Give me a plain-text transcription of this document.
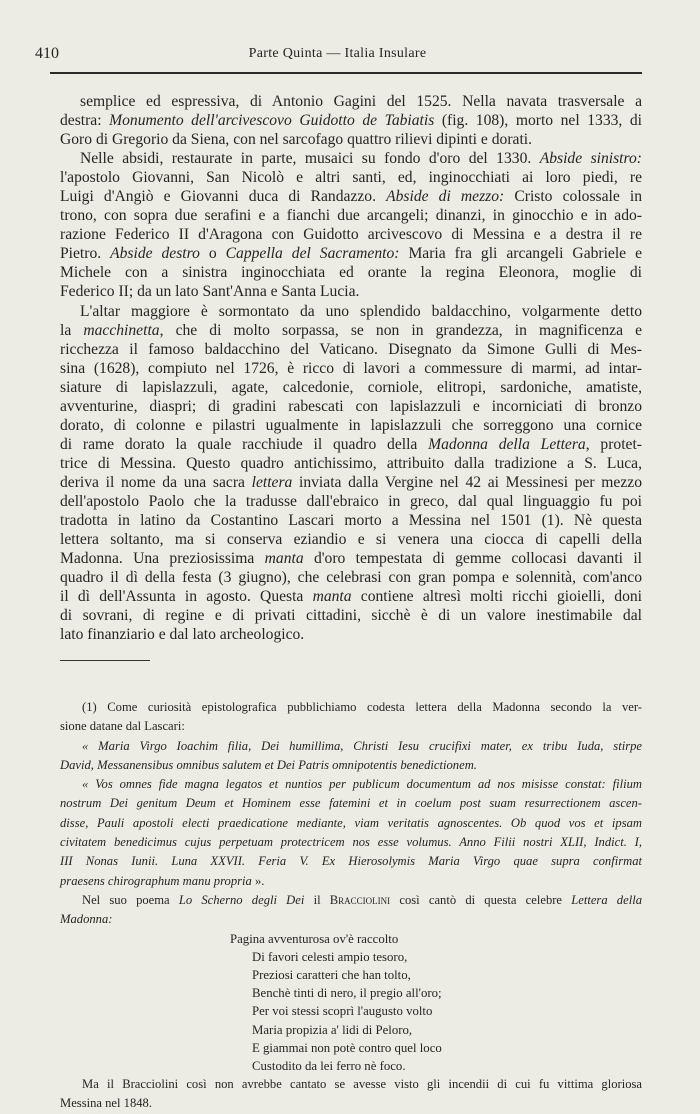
410	Parte Quinta — Italia Insulare
semplice ed espressiva, di Antonio Gagini del 1525. Nella navata trasversale a
destra: Monumento dell'arcivescovo Guidotto de Tabiatis (fig. 108), morto nel 1333, di
Goro di Gregorio da Siena, con nel sarcofago quattro rilievi dipinti e dorati.
Nelle absidi, restaurate in parte, musaici su fondo d'oro del 1330. Abside sinistro:
l'apostolo Giovanni, San Nicolò e altri santi, ed, inginocchiati ai loro piedi, re
Luigi d'Angiò e Giovanni duca di Randazzo. Abside di mezzo: Cristo colossale in
trono, con sopra due serafini e a fianchi due arcangeli; dinanzi, in ginocchio e in ado-
razione Federico II d'Aragona con Guidotto arcivescovo di Messina e a destra il re
Pietro. Abside destro o Cappella del Sacramento: Maria fra gli arcangeli Gabriele e
Michele con a sinistra inginocchiata ed orante la regina Eleonora, moglie di
Federico II; da un lato Sant'Anna e Santa Lucia.
L'altar maggiore è sormontato da uno splendido baldacchino, volgarmente detto
la macchinetta, che di molto sorpassa, se non in grandezza, in magnificenza e
ricchezza il famoso baldacchino del Vaticano. Disegnato da Simone Gulli di Mes-
sina (1628), compiuto nel 1726, è ricco di lavori a commessure di marmi, ad intar-
siature di lapislazzuli, agate, calcedonie, corniole, elitropi, sardoniche, amatiste,
avventurine, diaspri; di gradini rabescati con lapislazzuli e incorniciati di bronzo
dorato, di colonne e pilastri ugualmente in lapislazzuli che sorreggono una cornice
di rame dorato la quale racchiude il quadro della Madonna della Lettera, protet-
trice di Messina. Questo quadro antichissimo, attribuito dalla tradizione a S. Luca,
deriva il nome da una sacra lettera inviata dalla Vergine nel 42 ai Messinesi per mezzo
dell'apostolo Paolo che la tradusse dall'ebraico in greco, dal qual linguaggio fu poi
tradotta in latino da Costantino Lascari morto a Messina nel 1501 (1). Nè questa
lettera soltanto, ma si conserva eziandio e si venera una ciocca di capelli della
Madonna. Una preziosissima manta d'oro tempestata di gemme collocasi davanti il
quadro il dì della festa (3 giugno), che celebrasi con gran pompa e solennità, com'anco
il dì dell'Assunta in agosto. Questa manta contiene altresì molti ricchi gioielli, doni
di sovrani, di regine e di privati cittadini, sicchè è di un valore inestimabile dal
lato finanziario e dal lato archeologico.
(1) Come curiosità epistolografica pubblichiamo codesta lettera della Madonna secondo la ver-
sione datane dal Lascari:
« Maria Virgo Ioachim filia, Dei humillima, Christi Iesu crucifixi mater, ex tribu Iuda, stirpe
David, Messanensibus omnibus salutem et Dei Patris omnipotentis benedictionem.
« Vos omnes fide magna legatos et nuntios per publicum documentum ad nos misisse constat: filium
nostrum Dei genitum Deum et Hominem esse fatemini et in coelum post suam resurrectionem ascen-
disse, Pauli apostoli electi praedicatione mediante, viam veritatis agnoscentes. Ob quod vos et ipsam
civitatem benedicimus cujus perpetuam protectricem nos esse volumus. Anno Filii nostri XLII, Indict. I,
III Nonas Iunii. Luna XXVII. Feria V. Ex Hierosolymis Maria Virgo quae supra confirmat
praesens chirographum manu propria ».
Nel suo poema Lo Scherno degli Dei il Bracciolini così cantò di questa celebre Lettera della
Madonna:
Pagina avventurosa ov'è raccolto
Di favori celesti ampio tesoro,
Preziosi caratteri che han tolto,
Benchè tinti di nero, il pregio all'oro;
Per voi stessi scoprì l'augusto volto
Maria propizia a' lidi di Peloro,
E giammai non potè contro quel loco
Custodito da lei ferro nè foco.
Ma il Bracciolini così non avrebbe cantato se avesse visto gli incendii di cui fu vittima gloriosa
Messina nel 1848.
